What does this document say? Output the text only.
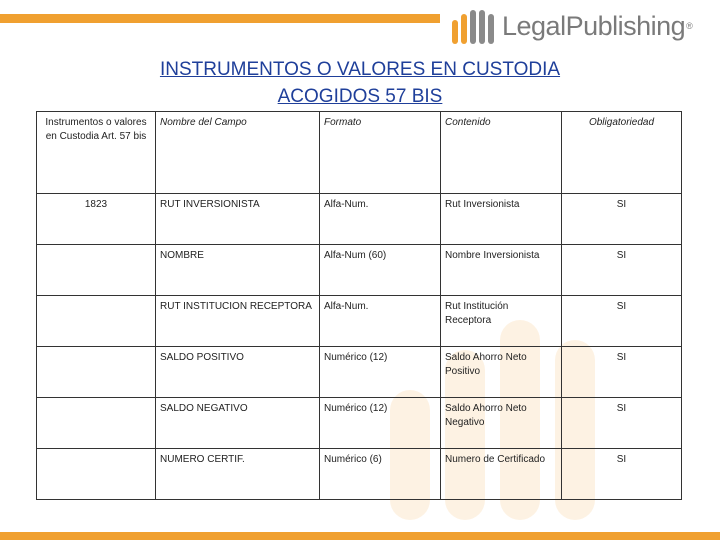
LegalPublishing ®
INSTRUMENTOS O VALORES EN CUSTODIA
ACOGIDOS 57 BIS
Instrumentos o valores en Custodia Art. 57 bis	Nombre del Campo	Formato	Contenido	Obligatoriedad
1823	RUT INVERSIONISTA	Alfa-Num.	Rut Inversionista	SI
	NOMBRE	Alfa-Num (60)	Nombre Inversionista	SI
	RUT INSTITUCION RECEPTORA	Alfa-Num.	Rut Institución Receptora	SI
	SALDO POSITIVO	Numérico (12)	Saldo Ahorro Neto Positivo	SI
	SALDO NEGATIVO	Numérico (12)	Saldo Ahorro Neto Negativo	SI
	NUMERO CERTIF.	Numérico (6)	Numero de Certificado	SI
